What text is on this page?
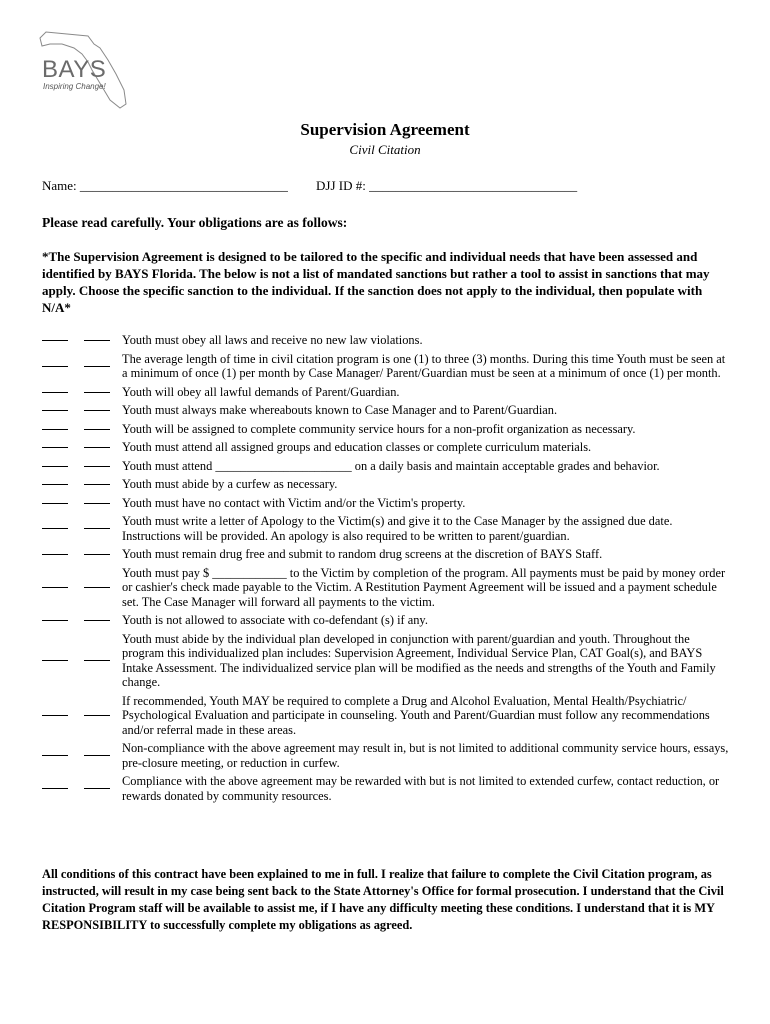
BAYS
Inspiring Change!
Supervision Agreement
Civil Citation
Name: ________________________________ DJJ ID #: ________________________________
Please read carefully. Your obligations are as follows:
*The Supervision Agreement is designed to be tailored to the specific and individual needs that have been assessed and identified by BAYS Florida. The below is not a list of mandated sanctions but rather a tool to assist in sanctions that may apply. Choose the specific sanction to the individual. If the sanction does not apply to the individual, then populate with N/A*
Youth must obey all laws and receive no new law violations.
The average length of time in civil citation program is one (1) to three (3) months. During this time Youth must be seen at a minimum of once (1) per month by Case Manager/ Parent/Guardian must be seen at a minimum of once (1) per month.
Youth will obey all lawful demands of Parent/Guardian.
Youth must always make whereabouts known to Case Manager and to Parent/Guardian.
Youth will be assigned to complete community service hours for a non-profit organization as necessary.
Youth must attend all assigned groups and education classes or complete curriculum materials.
Youth must attend ______________________ on a daily basis and maintain acceptable grades and behavior.
Youth must abide by a curfew as necessary.
Youth must have no contact with Victim and/or the Victim's property.
Youth must write a letter of Apology to the Victim(s) and give it to the Case Manager by the assigned due date. Instructions will be provided. An apology is also required to be written to parent/guardian.
Youth must remain drug free and submit to random drug screens at the discretion of BAYS Staff.
Youth must pay $ ____________ to the Victim by completion of the program. All payments must be paid by money order or cashier's check made payable to the Victim. A Restitution Payment Agreement will be issued and a payment schedule set. The Case Manager will forward all payments to the victim.
Youth is not allowed to associate with co-defendant (s) if any.
Youth must abide by the individual plan developed in conjunction with parent/guardian and youth. Throughout the program this individualized plan includes: Supervision Agreement, Individual Service Plan, CAT Goal(s), and BAYS Intake Assessment. The individualized service plan will be modified as the needs and strengths of the Youth and Family change.
If recommended, Youth MAY be required to complete a Drug and Alcohol Evaluation, Mental Health/Psychiatric/ Psychological Evaluation and participate in counseling. Youth and Parent/Guardian must follow any recommendations and/or referral made in these areas.
Non-compliance with the above agreement may result in, but is not limited to additional community service hours, essays, pre-closure meeting, or reduction in curfew.
Compliance with the above agreement may be rewarded with but is not limited to extended curfew, contact reduction, or rewards donated by community resources.
All conditions of this contract have been explained to me in full. I realize that failure to complete the Civil Citation program, as instructed, will result in my case being sent back to the State Attorney's Office for formal prosecution. I understand that the Civil Citation Program staff will be available to assist me, if I have any difficulty meeting these conditions. I understand that it is MY RESPONSIBILITY to successfully complete my obligations as agreed.
